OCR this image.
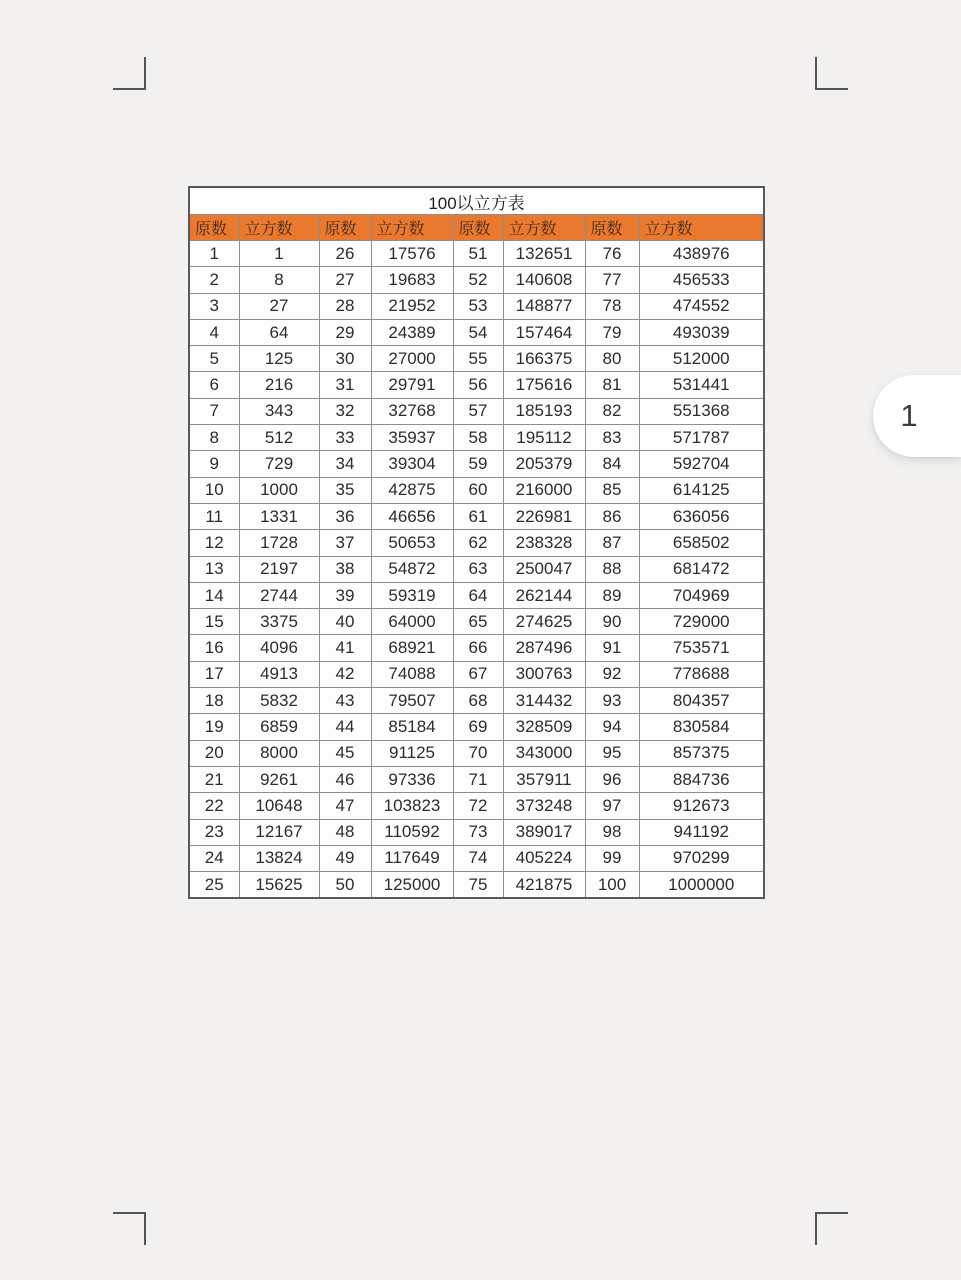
100以立方表							
原数	立方数	原数	立方数	原数	立方数	原数	立方数
1	1	26	17576	51	132651	76	438976
2	8	27	19683	52	140608	77	456533
3	27	28	21952	53	148877	78	474552
4	64	29	24389	54	157464	79	493039
5	125	30	27000	55	166375	80	512000
6	216	31	29791	56	175616	81	531441
7	343	32	32768	57	185193	82	551368
8	512	33	35937	58	195112	83	571787
9	729	34	39304	59	205379	84	592704
10	1000	35	42875	60	216000	85	614125
11	1331	36	46656	61	226981	86	636056
12	1728	37	50653	62	238328	87	658502
13	2197	38	54872	63	250047	88	681472
14	2744	39	59319	64	262144	89	704969
15	3375	40	64000	65	274625	90	729000
16	4096	41	68921	66	287496	91	753571
17	4913	42	74088	67	300763	92	778688
18	5832	43	79507	68	314432	93	804357
19	6859	44	85184	69	328509	94	830584
20	8000	45	91125	70	343000	95	857375
21	9261	46	97336	71	357911	96	884736
22	10648	47	103823	72	373248	97	912673
23	12167	48	110592	73	389017	98	941192
24	13824	49	117649	74	405224	99	970299
25	15625	50	125000	75	421875	100	1000000
1
